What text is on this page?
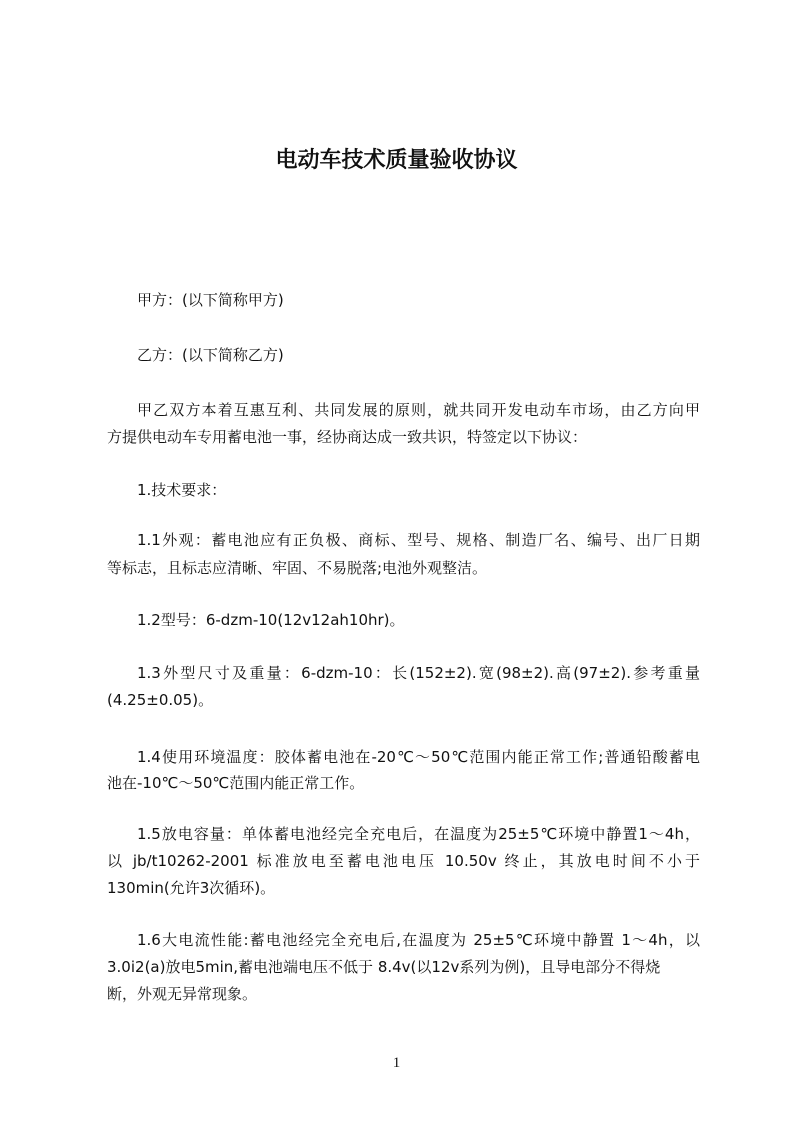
电动车技术质量验收协议
甲方：(以下简称甲方)
乙方：(以下简称乙方)
甲乙双方本着互惠互利、共同发展的原则，就共同开发电动车市场，由乙方向甲
方提供电动车专用蓄电池一事，经协商达成一致共识，特签定以下协议：
1.技术要求：
1.1外观：蓄电池应有正负极、商标、型号、规格、制造厂名、编号、出厂日期
等标志，且标志应清晰、牢固、不易脱落;电池外观整洁。
1.2型号：6-dzm-10(12v12ah10hr)。
1.3外型尺寸及重量：6-dzm-10：长(152±2).宽(98±2).高(97±2).参考重量
(4.25±0.05)。
1.4使用环境温度：胶体蓄电池在-20℃～50℃范围内能正常工作;普通铅酸蓄电
池在-10℃～50℃范围内能正常工作。
1.5放电容量：单体蓄电池经完全充电后，在温度为25±5℃环境中静置1～4h，
以 jb/t10262-2001 标准放电至蓄电池电压 10.50v 终止，其放电时间不小于
130min(允许3次循环)。
1.6大电流性能:蓄电池经完全充电后,在温度为 25±5℃环境中静置 1～4h，以
3.0i2(a)放电5min,蓄电池端电压不低于 8.4v(以12v系列为例)，且导电部分不得烧
断，外观无异常现象。
1
